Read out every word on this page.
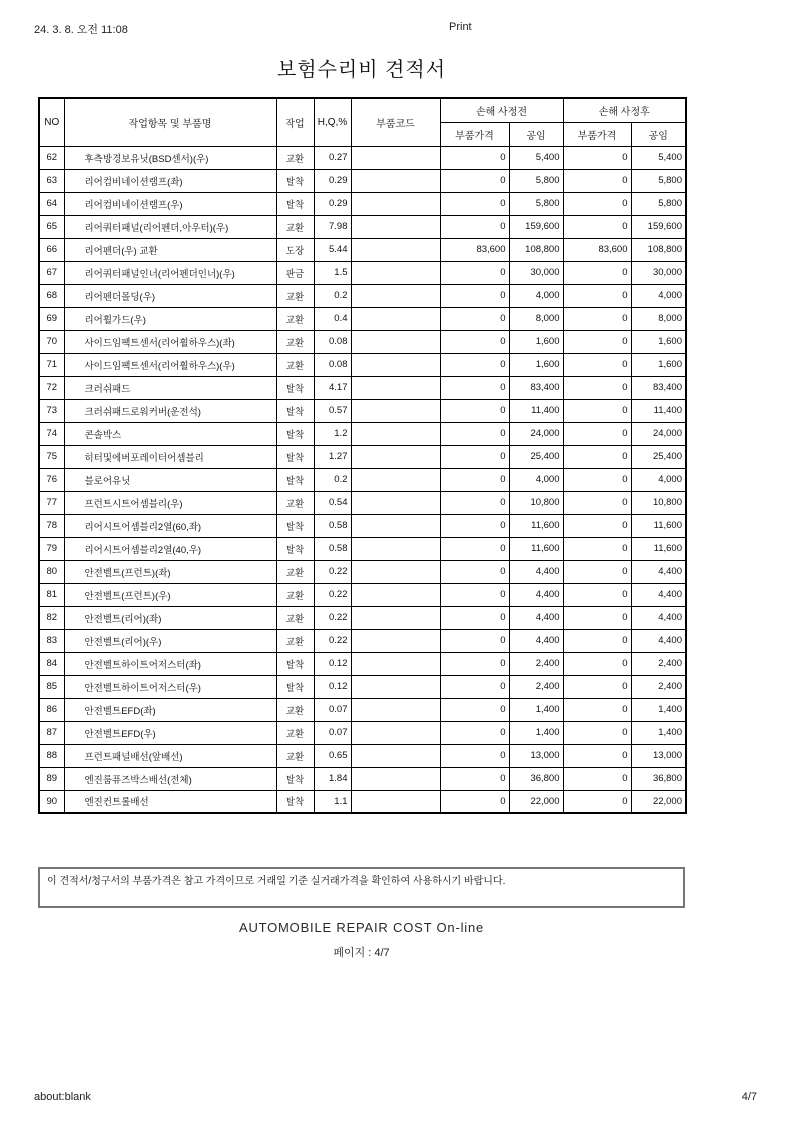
24. 3. 8. 오전 11:08	Print
보험수리비 견적서
NO	작업항목 및 부품명	작업	H,Q,%	부품코드	손해 사정전		손해 사정후	
					부품가격	공임	부품가격	공임
62	후측방경보유닛(BSD센서)(우)	교환	0.27		0	5,400	0	5,400
63	리어컴비네이션램프(좌)	탈착	0.29		0	5,800	0	5,800
64	리어컴비네이션램프(우)	탈착	0.29		0	5,800	0	5,800
65	리어쿼터패널(리어펜더,아우터)(우)	교환	7.98		0	159,600	0	159,600
66	리어펜더(우) 교환	도장	5.44		83,600	108,800	83,600	108,800
67	리어쿼터패널인너(리어펜더인너)(우)	판금	1.5		0	30,000	0	30,000
68	리어펜더몰딩(우)	교환	0.2		0	4,000	0	4,000
69	리어휠가드(우)	교환	0.4		0	8,000	0	8,000
70	사이드임팩트센서(리어휠하우스)(좌)	교환	0.08		0	1,600	0	1,600
71	사이드임팩트센서(리어휠하우스)(우)	교환	0.08		0	1,600	0	1,600
72	크러쉬패드	탈착	4.17		0	83,400	0	83,400
73	크러쉬패드로워커버(운전석)	탈착	0.57		0	11,400	0	11,400
74	콘솔박스	탈착	1.2		0	24,000	0	24,000
75	히터및에버포레이터어셈블리	탈착	1.27		0	25,400	0	25,400
76	블로어유닛	탈착	0.2		0	4,000	0	4,000
77	프런트시트어셈블리(우)	교환	0.54		0	10,800	0	10,800
78	리어시트어셈블리2열(60,좌)	탈착	0.58		0	11,600	0	11,600
79	리어시트어셈블리2열(40,우)	탈착	0.58		0	11,600	0	11,600
80	안전벨트(프런트)(좌)	교환	0.22		0	4,400	0	4,400
81	안전벨트(프런트)(우)	교환	0.22		0	4,400	0	4,400
82	안전벨트(리어)(좌)	교환	0.22		0	4,400	0	4,400
83	안전벨트(리어)(우)	교환	0.22		0	4,400	0	4,400
84	안전벨트하이트어저스터(좌)	탈착	0.12		0	2,400	0	2,400
85	안전벨트하이트어저스터(우)	탈착	0.12		0	2,400	0	2,400
86	안전벨트EFD(좌)	교환	0.07		0	1,400	0	1,400
87	안전벨트EFD(우)	교환	0.07		0	1,400	0	1,400
88	프런트패널배선(앞배선)	교환	0.65		0	13,000	0	13,000
89	엔진룸퓨즈박스배선(전체)	탈착	1.84		0	36,800	0	36,800
90	엔진컨트롤배선	탈착	1.1		0	22,000	0	22,000
이 견적서/청구서의 부품가격은 참고 가격이므로 거래일 기준 실거래가격을 확인하여 사용하시기 바랍니다.
AUTOMOBILE REPAIR COST On-line
페이지 : 4/7
about:blank	4/7
